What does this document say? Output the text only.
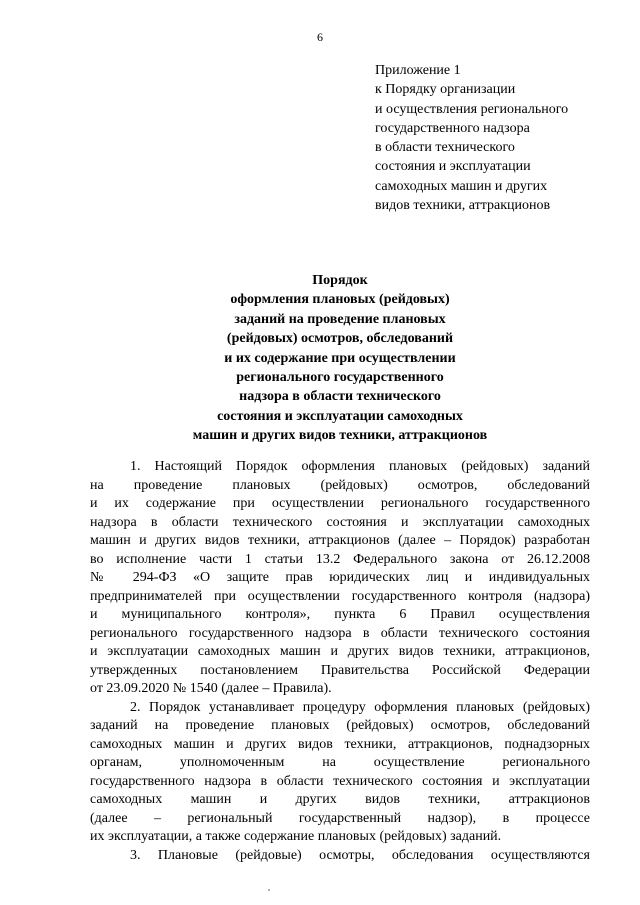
6
Приложение 1
к Порядку организации
и осуществления регионального
государственного надзора
в области технического
состояния и эксплуатации
самоходных машин и других
видов техники, аттракционов
Порядок
оформления плановых (рейдовых)
заданий на проведение плановых
(рейдовых) осмотров, обследований
и их содержание при осуществлении
регионального государственного
надзора в области технического
состояния и эксплуатации самоходных
машин и других видов техники, аттракционов
1. Настоящий Порядок оформления плановых (рейдовых) заданий
на проведение плановых (рейдовых) осмотров, обследований
и их содержание при осуществлении регионального государственного
надзора в области технического состояния и эксплуатации самоходных
машин и других видов техники, аттракционов (далее – Порядок) разработан
во исполнение части 1 статьи 13.2 Федерального закона от 26.12.2008
№ 294-ФЗ «О защите прав юридических лиц и индивидуальных
предпринимателей при осуществлении государственного контроля (надзора)
и муниципального контроля», пункта 6 Правил осуществления
регионального государственного надзора в области технического состояния
и эксплуатации самоходных машин и других видов техники, аттракционов,
утвержденных постановлением Правительства Российской Федерации
от 23.09.2020 № 1540 (далее – Правила).
2. Порядок устанавливает процедуру оформления плановых (рейдовых)
заданий на проведение плановых (рейдовых) осмотров, обследований
самоходных машин и других видов техники, аттракционов, поднадзорных
органам, уполномоченным на осуществление регионального
государственного надзора в области технического состояния и эксплуатации
самоходных машин и других видов техники, аттракционов
(далее – региональный государственный надзор), в процессе
их эксплуатации, а также содержание плановых (рейдовых) заданий.
3. Плановые (рейдовые) осмотры, обследования осуществляются
